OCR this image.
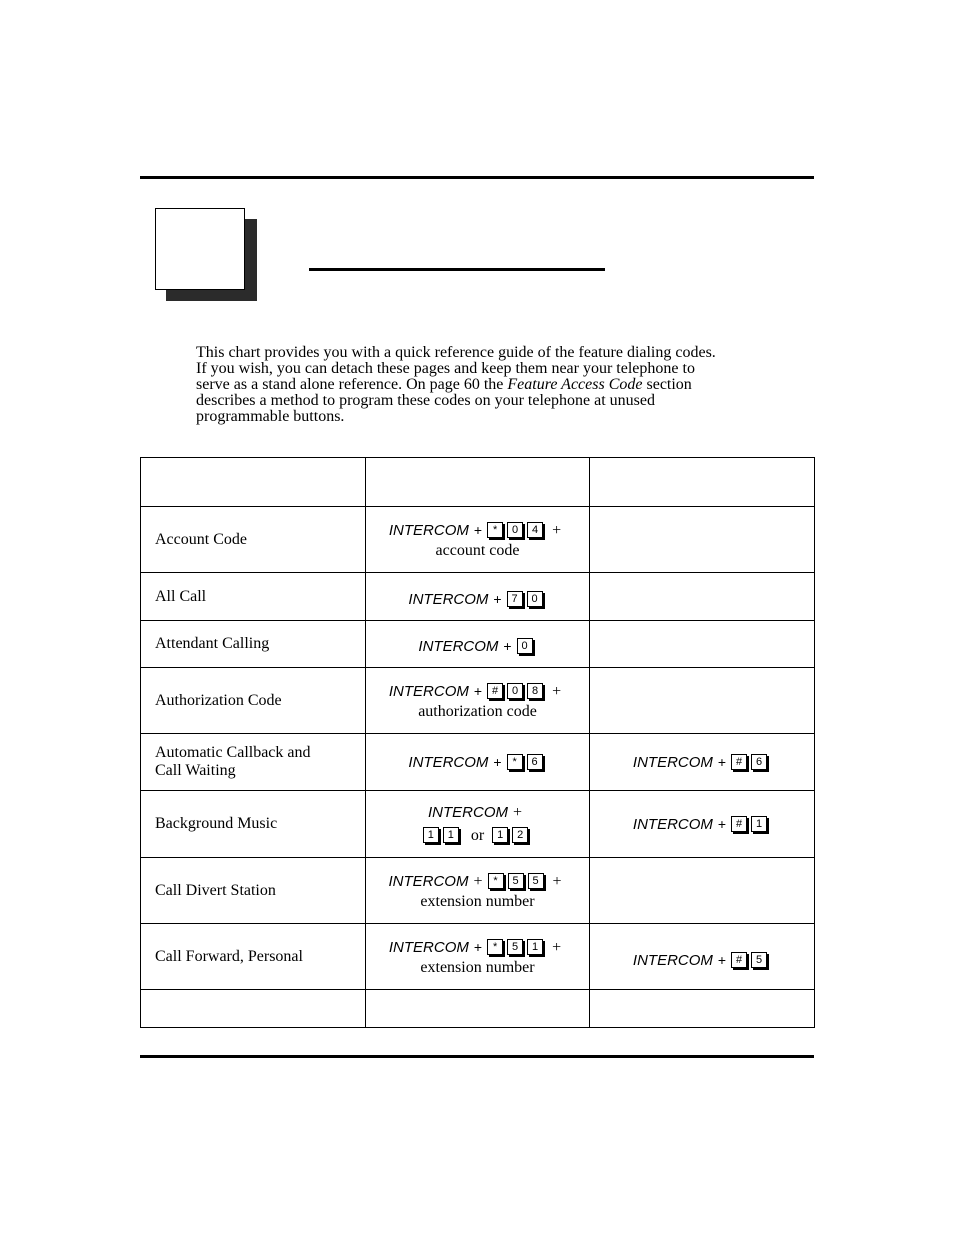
This chart provides you with a quick reference guide of the feature dialing codes.

If you wish, you can detach these pages and keep them near your telephone to

serve as a stand alone reference. On page 60 the Feature Access Code section

describes a method to program these codes on your telephone at unused

programmable buttons.

Account Code	INTERCOM + * 0 4 +
account code	

All Call	INTERCOM + 7 0	

Attendant Calling	INTERCOM + 0	

Authorization Code	INTERCOM + # 0 8 +
authorization code	

Automatic Callback and
Call Waiting	INTERCOM + * 6	INTERCOM + # 6

Background Music	INTERCOM +
1 1 or 1 2	INTERCOM + # 1

Call Divert Station	INTERCOM + * 5 5 +
extension number	

Call Forward, Personal	INTERCOM + * 5 1 +
extension number	INTERCOM + # 5
